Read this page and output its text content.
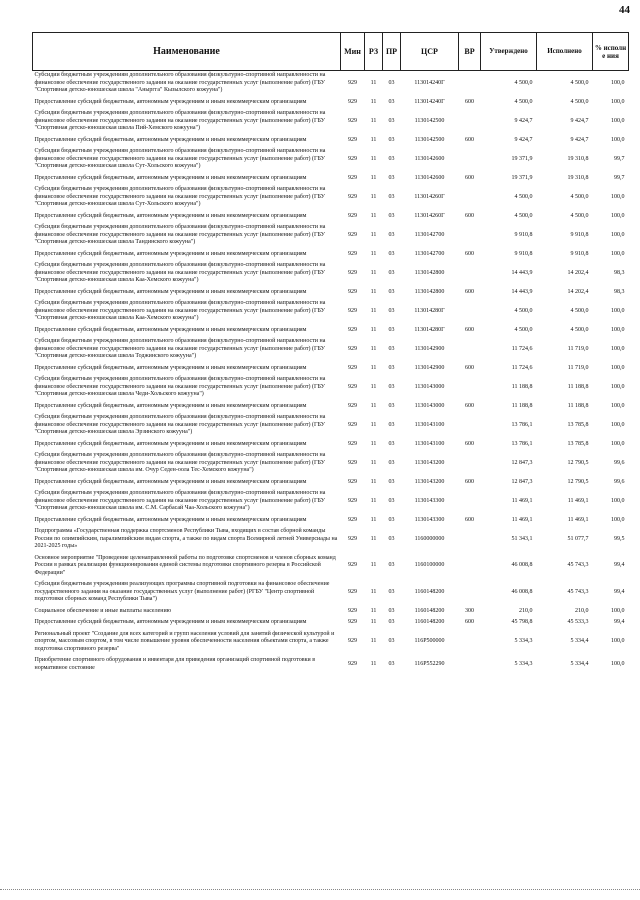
44
Наименование	Мин	РЗ	ПР	ЦСР	ВР	Утверждено	Исполнено	% исполне ния
Субсидии бюджетным учреждениям дополнительного образования физкультурно-спортивной направленности на финансовое обеспечение государственного задания на оказание государственных услуг (выполнение работ) (ГБУ "Спортивная детско-юношеская школа "Аныргга" Кызылского кожууна")	929	11	03	113014240Г		4 500,0	4 500,0	100,0
Предоставление субсидий бюджетным, автономным учреждениям и иным некоммерческим организациям	929	11	03	113014240Г	600	4 500,0	4 500,0	100,0
Субсидии бюджетным учреждениям дополнительного образования физкультурно-спортивной направленности на финансовое обеспечение государственного задания на оказание государственных услуг (выполнение работ) (ГБУ "Спортивная детско-юношеская школа Пий-Хемского кожууна")	929	11	03	1130142500		9 424,7	9 424,7	100,0
Предоставление субсидий бюджетным, автономным учреждениям и иным некоммерческим организациям	929	11	03	1130142500	600	9 424,7	9 424,7	100,0
Субсидии бюджетным учреждениям дополнительного образования физкультурно-спортивной направленности на финансовое обеспечение государственного задания на оказание государственных услуг (выполнение работ) (ГБУ "Спортивная детско-юношеская школа Сут-Хольского кожууна")	929	11	03	1130142600		19 371,9	19 310,8	99,7
Предоставление субсидий бюджетным, автономным учреждениям и иным некоммерческим организациям	929	11	03	1130142600	600	19 371,9	19 310,8	99,7
Субсидии бюджетным учреждениям дополнительного образования физкультурно-спортивной направленности на финансовое обеспечение государственного задания на оказание государственных услуг (выполнение работ) (ГБУ "Спортивная детско-юношеская школа Сут-Хольского кожууна")	929	11	03	113014260Г		4 500,0	4 500,0	100,0
Предоставление субсидий бюджетным, автономным учреждениям и иным некоммерческим организациям	929	11	03	113014260Г	600	4 500,0	4 500,0	100,0
Субсидии бюджетным учреждениям дополнительного образования физкультурно-спортивной направленности на финансовое обеспечение государственного задания на оказание государственных услуг (выполнение работ) (ГБУ "Спортивная детско-юношеская школа Тандинского кожууна")	929	11	03	1130142700		9 910,8	9 910,8	100,0
Предоставление субсидий бюджетным, автономным учреждениям и иным некоммерческим организациям	929	11	03	1130142700	600	9 910,8	9 910,8	100,0
Субсидии бюджетным учреждениям дополнительного образования физкультурно-спортивной направленности на финансовое обеспечение государственного задания на оказание государственных услуг (выполнение работ) (ГБУ "Спортивная детско-юношеская школа Каа-Хемского кожууна")	929	11	03	1130142800		14 443,9	14 202,4	98,3
Предоставление субсидий бюджетным, автономным учреждениям и иным некоммерческим организациям	929	11	03	1130142800	600	14 443,9	14 202,4	98,3
Субсидии бюджетным учреждениям дополнительного образования физкультурно-спортивной направленности на финансовое обеспечение государственного задания на оказание государственных услуг (выполнение работ) (ГБУ "Спортивная детско-юношеская школа Каа-Хемского кожууна")	929	11	03	113014280Г		4 500,0	4 500,0	100,0
Предоставление субсидий бюджетным, автономным учреждениям и иным некоммерческим организациям	929	11	03	113014280Г	600	4 500,0	4 500,0	100,0
Субсидии бюджетным учреждениям дополнительного образования физкультурно-спортивной направленности на финансовое обеспечение государственного задания на оказание государственных услуг (выполнение работ) (ГБУ "Спортивная детско-юношеская школа Тоджинского кожууна")	929	11	03	1130142900		11 724,6	11 719,0	100,0
Предоставление субсидий бюджетным, автономным учреждениям и иным некоммерческим организациям	929	11	03	1130142900	600	11 724,6	11 719,0	100,0
Субсидии бюджетным учреждениям дополнительного образования физкультурно-спортивной направленности на финансовое обеспечение государственного задания на оказание государственных услуг (выполнение работ) (ГБУ "Спортивная детско-юношеская школа Чеди-Хольского кожууна")	929	11	03	1130143000		11 188,8	11 188,8	100,0
Предоставление субсидий бюджетным, автономным учреждениям и иным некоммерческим организациям	929	11	03	1130143000	600	11 188,8	11 188,8	100,0
Субсидии бюджетным учреждениям дополнительного образования физкультурно-спортивной направленности на финансовое обеспечение государственного задания на оказание государственных услуг (выполнение работ) (ГБУ "Спортивная детско-юношеская школа Эрзинского кожууна")	929	11	03	1130143100		13 786,1	13 785,8	100,0
Предоставление субсидий бюджетным, автономным учреждениям и иным некоммерческим организациям	929	11	03	1130143100	600	13 786,1	13 785,8	100,0
Субсидии бюджетным учреждениям дополнительного образования физкультурно-спортивной направленности на финансовое обеспечение государственного задания на оказание государственных услуг (выполнение работ) (ГБУ "Спортивная детско-юношеская школа им. Очур Седен-оола Тес-Хемского кожууна")	929	11	03	1130143200		12 847,3	12 790,5	99,6
Предоставление субсидий бюджетным, автономным учреждениям и иным некоммерческим организациям	929	11	03	1130143200	600	12 847,3	12 790,5	99,6
Субсидии бюджетным учреждениям дополнительного образования физкультурно-спортивной направленности на финансовое обеспечение государственного задания на оказание государственных услуг (выполнение работ) (ГБУ "Спортивная детско-юношеская школа им. С.М. Сарбасай Чаа-Хольского кожууна")	929	11	03	1130143300		11 469,1	11 469,1	100,0
Предоставление субсидий бюджетным, автономным учреждениям и иным некоммерческим организациям	929	11	03	1130143300	600	11 469,1	11 469,1	100,0
Подпрограмма «Государственная поддержка спортсменов Республики Тыва, входящих в состав сборной команды России по олимпийским, паралимпийским видам спорта, а также по видам спорта Всемирной летней Универсиады на 2021-2025 годы»	929	11	03	1160000000		51 343,1	51 077,7	99,5
Основное мероприятие "Проведение целенаправленной работы по подготовке спортсменов и членов сборных команд России в рамках реализации функционирования единой системы подготовки спортивного резерва в Российской Федерации"	929	11	03	1160100000		46 008,8	45 743,3	99,4
Субсидии бюджетным учреждениям реализующих программы спортивной подготовки на финансовое обеспечение государственного задания на оказание государственных услуг (выполнение работ) (РГБУ "Центр спортивной подготовки сборных команд Республики Тыва")	929	11	03	1160148200		46 008,8	45 743,3	99,4
Социальное обеспечение и иные выплаты населению	929	11	03	1160148200	300	210,0	210,0	100,0
Предоставление субсидий бюджетным, автономным учреждениям и иным некоммерческим организациям	929	11	03	1160148200	600	45 798,8	45 533,3	99,4
Региональный проект "Создание для всех категорий и групп населения условий для занятий физической культурой и спортом, массовым спортом, в том числе повышение уровня обеспеченности населения объектами спорта, а также подготовка спортивного резерва"	929	11	03	116P500000		5 334,3	5 334,4	100,0
Приобретение спортивного оборудования и инвентаря для приведения организаций спортивной подготовки в нормативное состояние	929	11	03	116P552290		5 334,3	5 334,4	100,0
